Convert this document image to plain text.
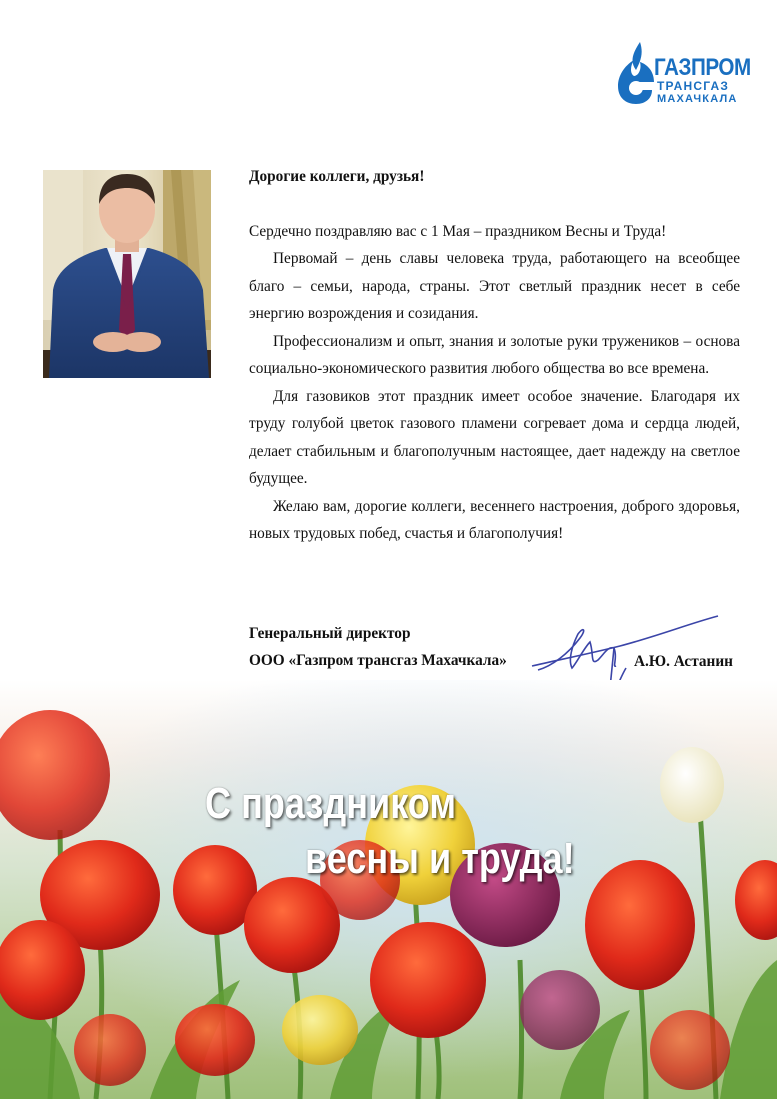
ГАЗПРОМ
ТРАНСГАЗ
МАХАЧКАЛА
Дорогие коллеги, друзья!

Сердечно поздравляю вас с 1 Мая – праздником Весны и Труда!

Первомай – день славы человека труда, работающего на всеобщее благо – семьи, народа, страны. Этот светлый праздник несет в себе энергию возрождения и созидания.

Профессионализм и опыт, знания и золотые руки тружеников – основа социально-экономического развития любого общества во все времена.

Для газовиков этот праздник имеет особое значение. Благодаря их труду голубой цветок газового пламени согревает дома и сердца людей, делает стабильным и благополучным настоящее, дает надежду на светлое будущее.

Желаю вам, дорогие коллеги, весеннего настроения, доброго здоровья, новых трудовых побед, счастья и благополучия!

Генеральный директор
ООО «Газпром трансгаз Махачкала»	А.Ю. Астанин
С праздником
весны и труда!
